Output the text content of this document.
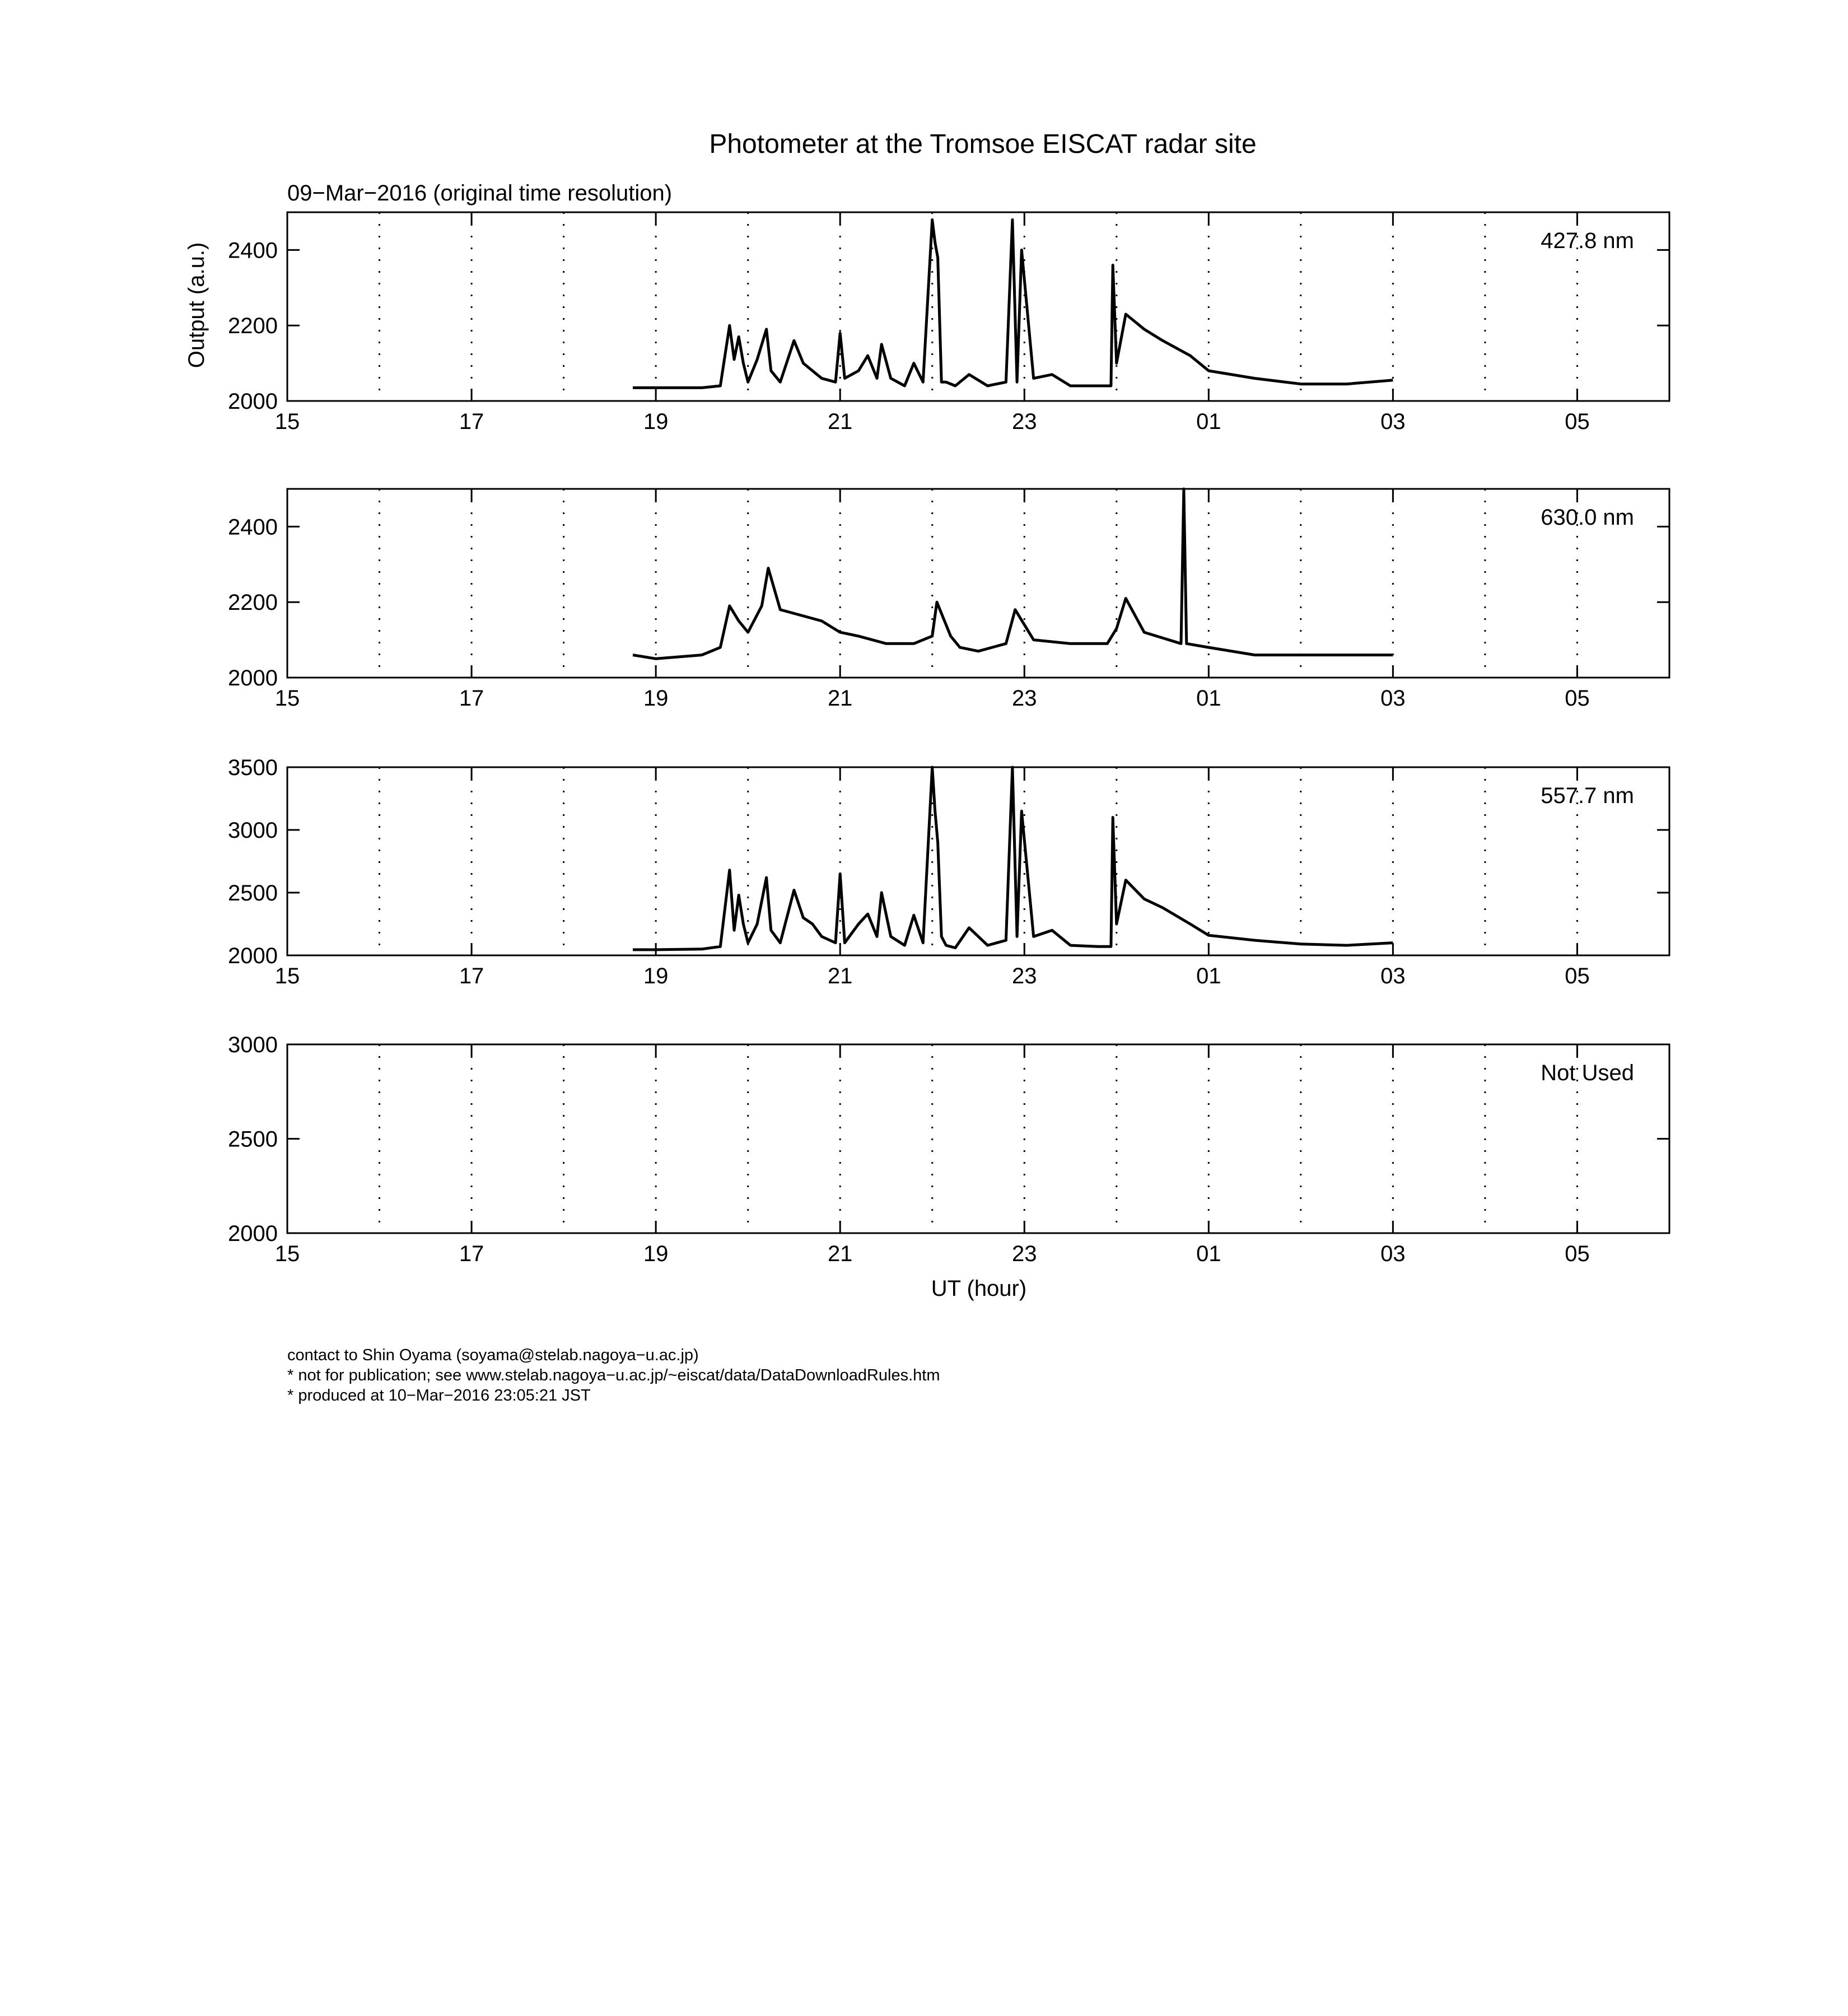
Photometer at the Tromsoe EISCAT radar site
09−Mar−2016 (original time resolution)
Output (a.u.)
UT (hour)
15	17	19	21	23	01	03	05
2000
2200
2400	427.8 nm
15	17	19	21	23	01	03	05
2000
2200
2400	630.0 nm
15	17	19	21	23	01	03	05
2000
2500
3000
3500
557.7 nm
15	17	19	21	23	01	03	05
2000
2500
3000
Not Used
contact to Shin Oyama (soyama@stelab.nagoya−u.ac.jp)
* not for publication; see www.stelab.nagoya−u.ac.jp/~eiscat/data/DataDownloadRules.htm
* produced at 10−Mar−2016 23:05:21 JST
